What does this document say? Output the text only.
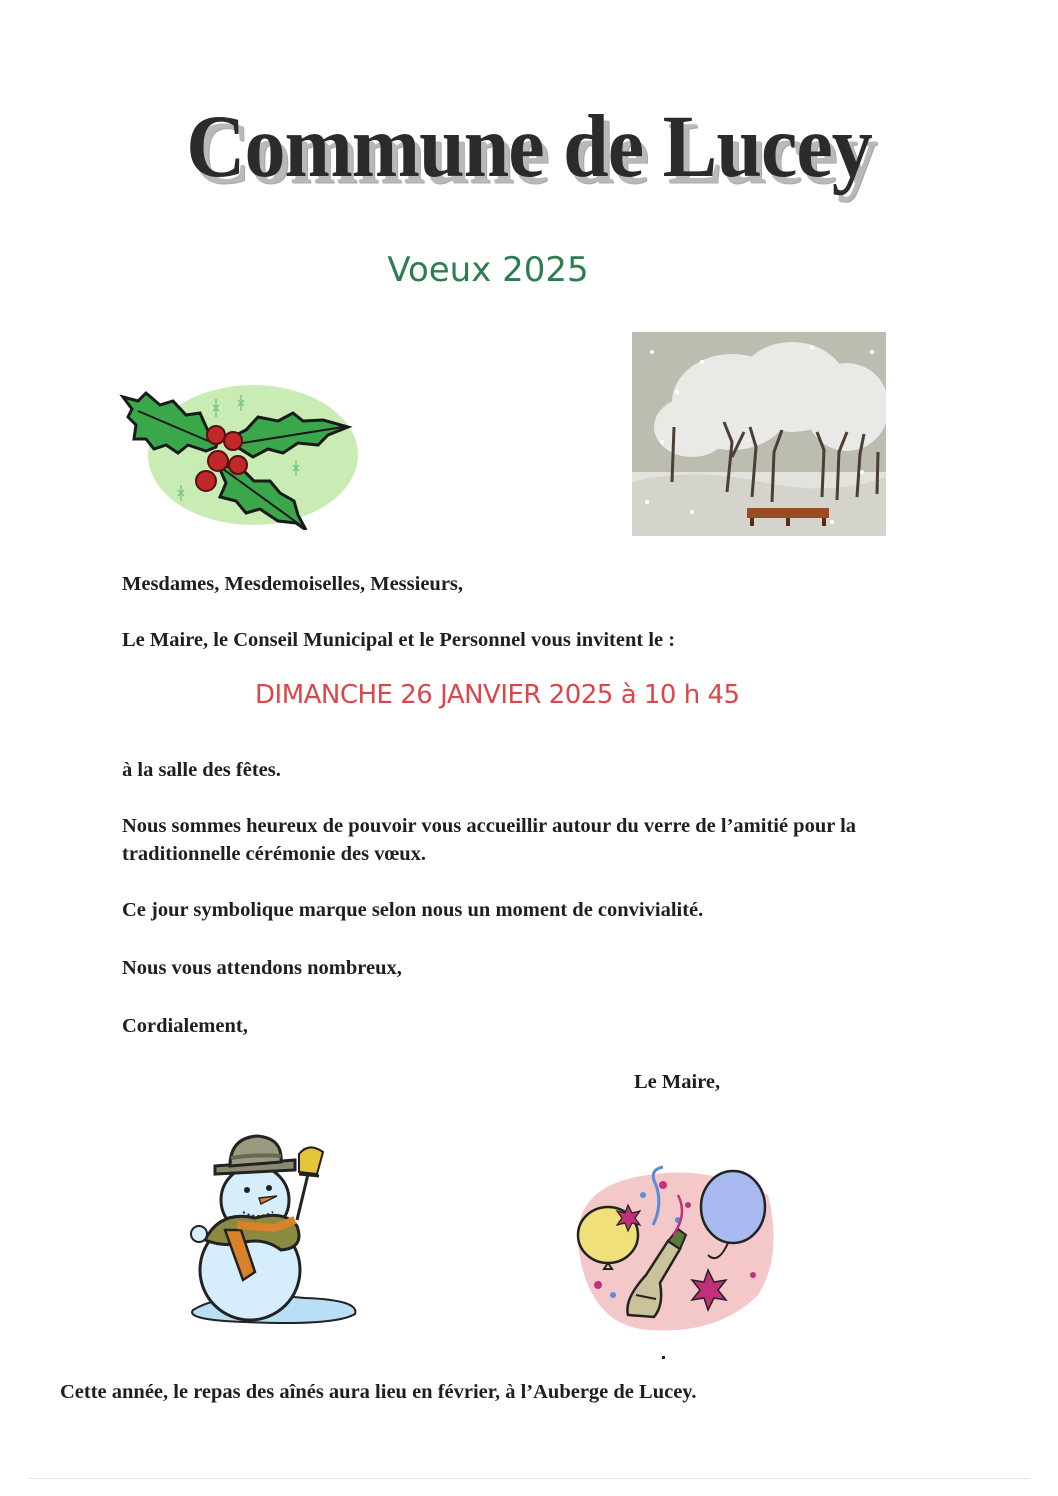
Commune de Lucey
Voeux 2025
Mesdames, Mesdemoiselles, Messieurs,
Le Maire, le Conseil Municipal et le Personnel vous invitent le :
DIMANCHE 26 JANVIER 2025 à 10 h 45
à la salle des fêtes.
Nous sommes heureux de pouvoir vous accueillir autour du verre de l’amitié pour la
traditionnelle cérémonie des vœux.
Ce jour symbolique marque selon nous un moment de convivialité.
Nous vous attendons nombreux,
Cordialement,
Le Maire,
Cette année, le repas des aînés aura lieu en février, à l’Auberge de Lucey.
